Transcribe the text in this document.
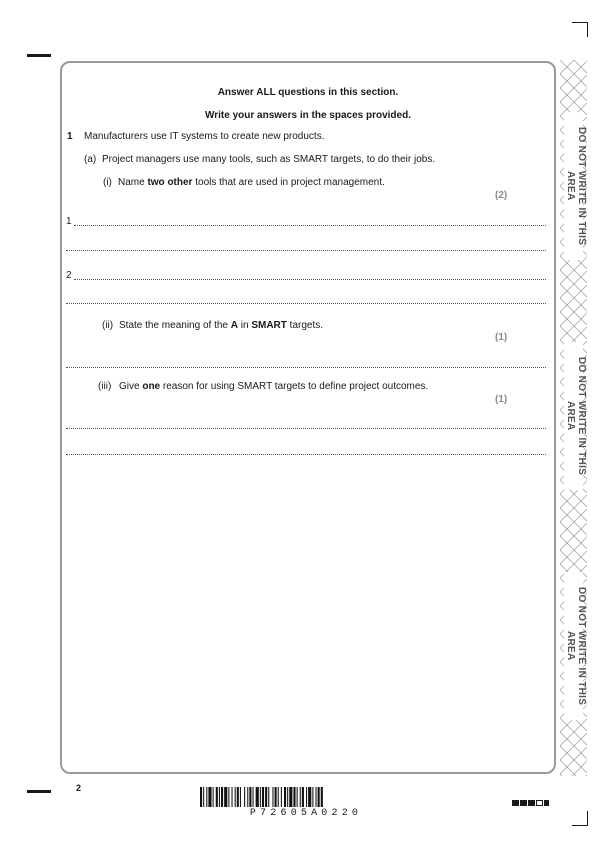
Answer ALL questions in this section.
Write your answers in the spaces provided.
1 Manufacturers use IT systems to create new products.
(a) Project managers use many tools, such as SMART targets, to do their jobs.
(i) Name two other tools that are used in project management.
(2)
1
2
(ii) State the meaning of the A in SMART targets.
(1)
(iii) Give one reason for using SMART targets to define project outcomes.
(1)
DO NOT WRITE IN THIS AREA
DO NOT WRITE IN THIS AREA
DO NOT WRITE IN THIS AREA
2
P72605A0220
